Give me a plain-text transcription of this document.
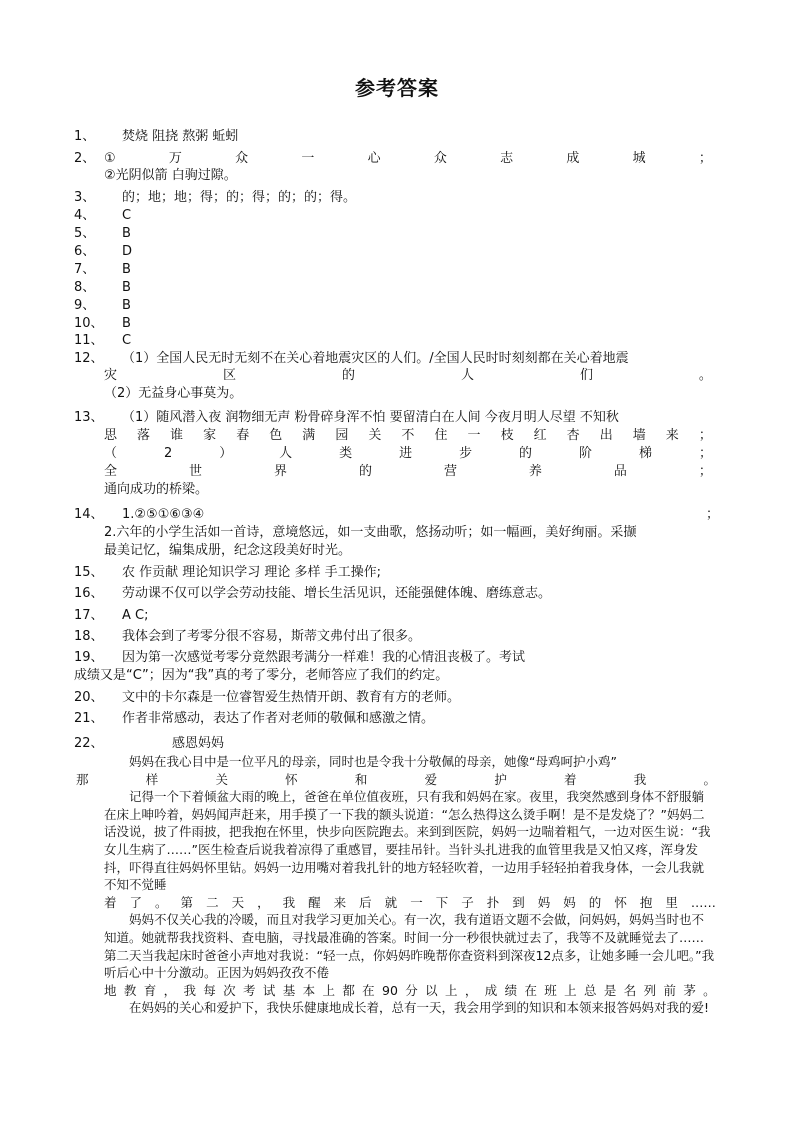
参考答案
1、 焚烧 阻挠 熬粥 蚯蚓
2、 ①	万	众	一	心	众	志	成	城	；
②光阴似箭 白驹过隙。
3、 的；地；地；得；的；得；的；的；得。
4、 C
5、 B
6、 D
7、 B
8、 B
9、 B
10、 B
11、 C
12、 （1）全国人民无时无刻不在关心着地震灾区的人们。/全国人民时时刻刻都在关心着地震
灾	区	的	人	们	。
（2）无益身心事莫为。
13、 （1）随风潜入夜 润物细无声 粉骨碎身浑不怕 要留清白在人间 今夜月明人尽望 不知秋
思 落 谁 家 春 色 满 园 关 不 住 一 枝 红 杏 出 墙 来 ；
（	2	）	人	类	进	步	的	阶	梯	；
全	世	界	的	营	养	品	；
通向成功的桥梁。
14、 1.②⑤①⑥③④	；
2.六年的小学生活如一首诗，意境悠远，如一支曲歌，悠扬动听；如一幅画，美好绚丽。采撷
最美记忆，编集成册，纪念这段美好时光。
15、 农 作贡献 理论知识学习 理论 多样 手工操作;
16、 劳动课不仅可以学会劳动技能、增长生活见识，还能强健体魄、磨练意志。
17、 A C;
18、 我体会到了考零分很不容易，斯蒂文弗付出了很多。
19、 因为第一次感觉考零分竟然跟考满分一样难！我的心情沮丧极了。考试
成绩又是“C”；因为“我”真的考了零分，老师答应了我们的约定。
20、 文中的卡尔森是一位睿智爱生热情开朗、教育有方的老师。
21、 作者非常感动，表达了作者对老师的敬佩和感激之情。
22、	感恩妈妈

妈妈在我心目中是一位平凡的母亲，同时也是令我十分敬佩的母亲，她像“母鸡呵护小鸡”

那	样	关	怀	和	爱	护	着	我	。

记得一个下着倾盆大雨的晚上，爸爸在单位值夜班，只有我和妈妈在家。夜里，我突然感到身体不舒服躺在床上呻吟着，妈妈闻声赶来，用手摸了一下我的额头说道：“怎么热得这么烫手啊！是不是发烧了？”妈妈二话没说，披了件雨披，把我抱在怀里，快步向医院跑去。来到到医院，妈妈一边喘着粗气，一边对医生说：“我女儿生病了……”医生检查后说我着凉得了重感冒，要挂吊针。当针头扎进我的血管里我是又怕又疼，浑身发抖，吓得直往妈妈怀里钻。妈妈一边用嘴对着我扎针的地方轻轻吹着，一边用手轻轻拍着我身体，一会儿我就不知不觉睡

着 了 。 第 二 天 ， 我 醒 来 后 就 一 下 子 扑 到 妈 妈 的 怀 抱 里 ……

妈妈不仅关心我的冷暖，而且对我学习更加关心。有一次，我有道语文题不会做，问妈妈，妈妈当时也不知道。她就帮我找资料、查电脑，寻找最准确的答案。时间一分一秒很快就过去了，我等不及就睡觉去了……第二天当我起床时爸爸小声地对我说：“轻一点，你妈妈昨晚帮你查资料到深夜12点多，让她多睡一会儿吧。”我听后心中十分激动。正因为妈妈孜孜不倦

地 教 育 ， 我 每 次 考 试 基 本 上 都 在 90 分 以 上 ， 成 绩 在 班 上 总 是 名 列 前 茅 。

在妈妈的关心和爱护下，我快乐健康地成长着，总有一天，我会用学到的知识和本领来报答妈妈对我的爱!
